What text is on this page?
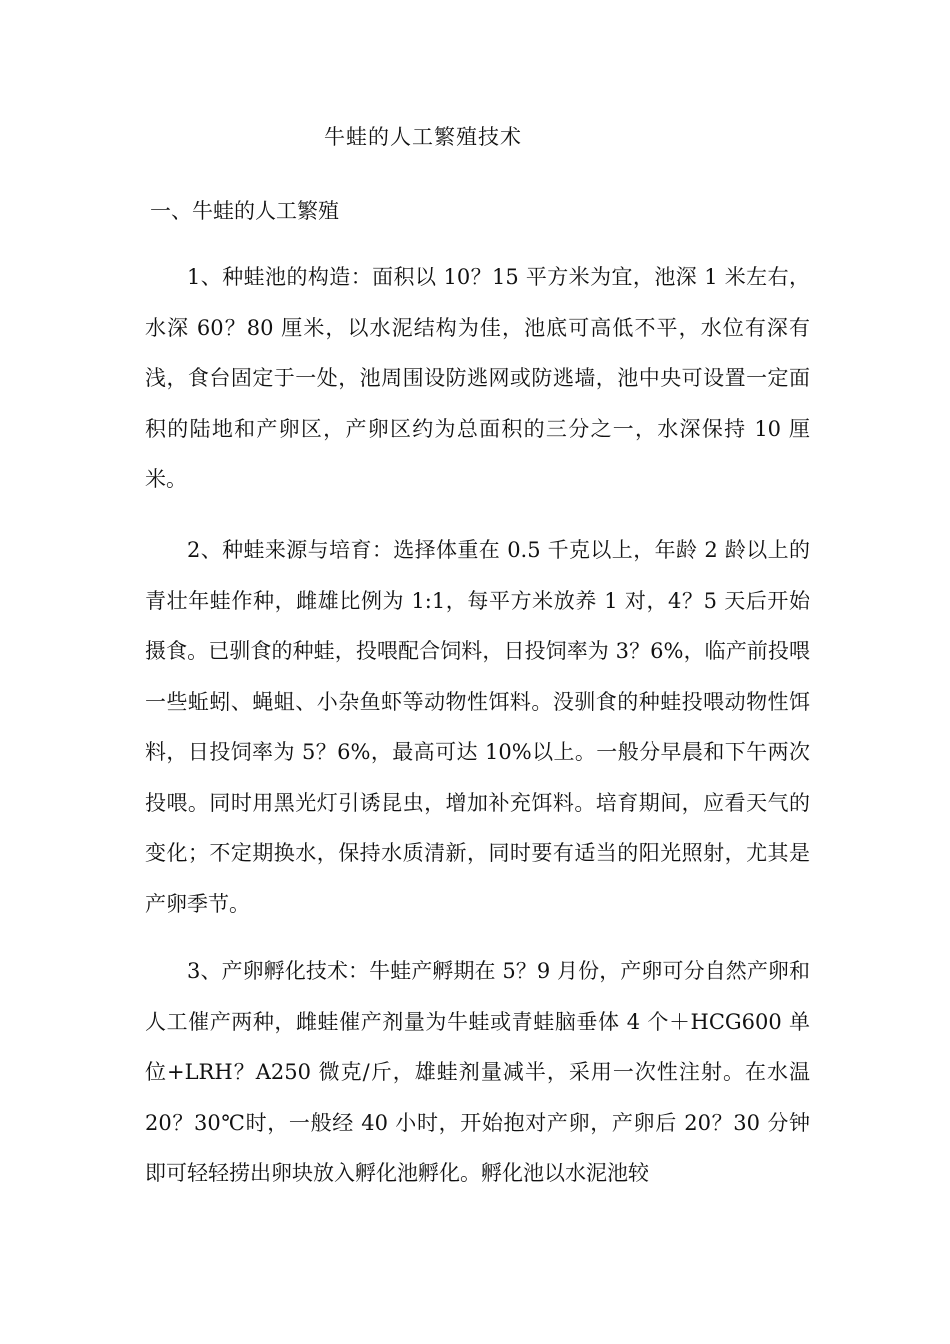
牛蛙的人工繁殖技术
一、牛蛙的人工繁殖

1、种蛙池的构造：面积以 10？15 平方米为宜，池深 1 米左右，水深 60？80 厘米，以水泥结构为佳，池底可高低不平，水位有深有浅，食台固定于一处，池周围设防逃网或防逃墙，池中央可设置一定面积的陆地和产卵区，产卵区约为总面积的三分之一，水深保持 10 厘米。

2、种蛙来源与培育：选择体重在 0.5 千克以上，年龄 2 龄以上的青壮年蛙作种，雌雄比例为 1:1，每平方米放养 1 对，4？5 天后开始摄食。已驯食的种蛙，投喂配合饲料，日投饲率为 3？6%，临产前投喂一些蚯蚓、蝇蛆、小杂鱼虾等动物性饵料。没驯食的种蛙投喂动物性饵料，日投饲率为 5？6%，最高可达 10%以上。一般分早晨和下午两次投喂。同时用黑光灯引诱昆虫，增加补充饵料。培育期间，应看天气的变化；不定期换水，保持水质清新，同时要有适当的阳光照射，尤其是产卵季节。

3、产卵孵化技术：牛蛙产孵期在 5？9 月份，产卵可分自然产卵和人工催产两种，雌蛙催产剂量为牛蛙或青蛙脑垂体 4 个＋HCG600 单位+LRH？A250 微克/斤，雄蛙剂量减半，采用一次性注射。在水温 20？30℃时，一般经 40 小时，开始抱对产卵，产卵后 20？30 分钟即可轻轻捞出卵块放入孵化池孵化。孵化池以水泥池较
